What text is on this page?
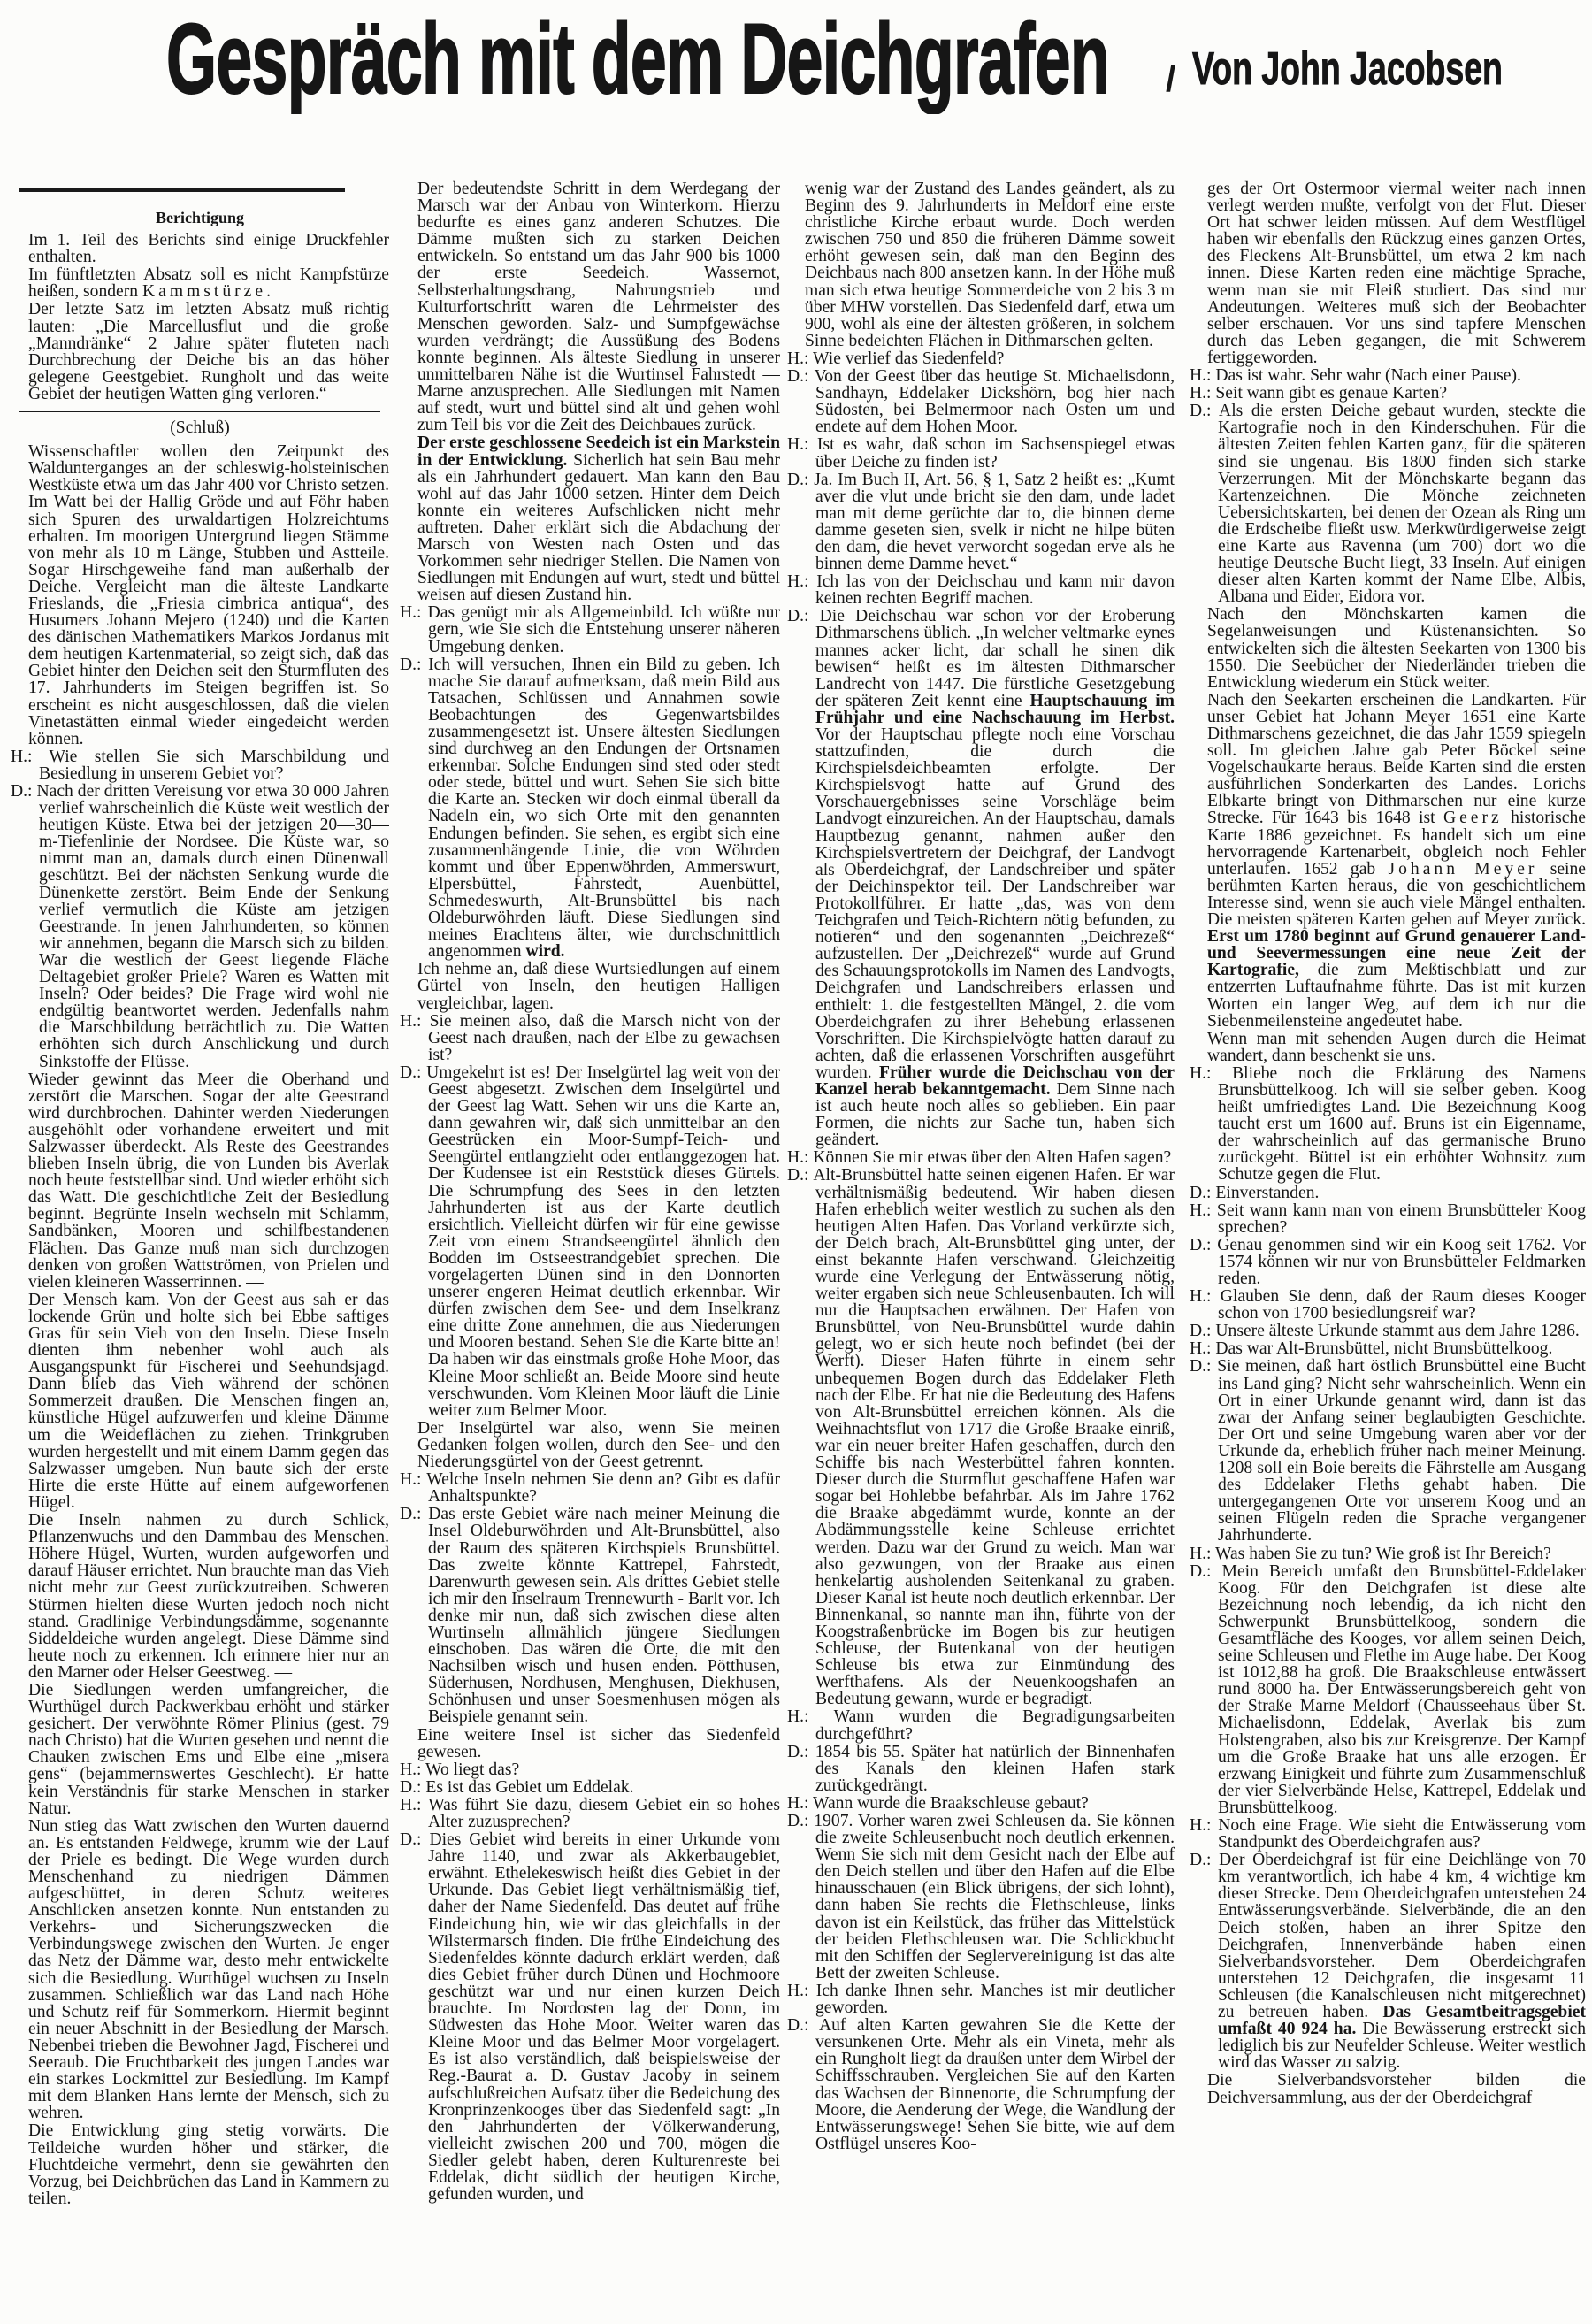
Gespräch mit dem Deichgrafen / Von John Jacobsen
Berichtigung

Im 1. Teil des Berichts sind einige Druckfehler enthalten.

Im fünftletzten Absatz soll es nicht Kampfstürze heißen, sondern Kammstürze.

Der letzte Satz im letzten Absatz muß richtig lauten: „Die Marcellusflut und die große „Manndränke“ 2 Jahre später fluteten nach Durchbrechung der Deiche bis an das höher gelegene Geestgebiet. Rungholt und das weite Gebiet der heutigen Watten ging verloren.“

(Schluß)

Wissenschaftler wollen den Zeitpunkt des Waldunterganges an der schleswig-holsteinischen Westküste etwa um das Jahr 400 vor Christo setzen. Im Watt bei der Hallig Gröde und auf Föhr haben sich Spuren des urwaldartigen Holzreichtums erhalten. Im moorigen Untergrund liegen Stämme von mehr als 10 m Länge, Stubben und Astteile. Sogar Hirschgeweihe fand man außerhalb der Deiche. Vergleicht man die älteste Landkarte Frieslands, die „Friesia cimbrica antiqua“, des Husumers Johann Mejero (1240) und die Karten des dänischen Mathematikers Markos Jordanus mit dem heutigen Kartenmaterial, so zeigt sich, daß das Gebiet hinter den Deichen seit den Sturmfluten des 17. Jahrhunderts im Steigen begriffen ist. So erscheint es nicht ausgeschlossen, daß die vielen Vinetastätten einmal wieder eingedeicht werden können.

H.: Wie stellen Sie sich Marschbildung und Besiedlung in unserem Gebiet vor?

D.: Nach der dritten Vereisung vor etwa 30 000 Jahren verlief wahrscheinlich die Küste weit westlich der heutigen Küste. Etwa bei der jetzigen 20—30—m-Tiefenlinie der Nordsee. Die Küste war, so nimmt man an, damals durch einen Dünenwall geschützt. Bei der nächsten Senkung wurde die Dünenkette zerstört. Beim Ende der Senkung verlief vermutlich die Küste am jetzigen Geestrande. In jenen Jahrhunderten, so können wir annehmen, begann die Marsch sich zu bilden. War die westlich der Geest liegende Fläche Deltagebiet großer Priele? Waren es Watten mit Inseln? Oder beides? Die Frage wird wohl nie endgültig beantwortet werden. Jedenfalls nahm die Marschbildung beträchtlich zu. Die Watten erhöhten sich durch Anschlickung und durch Sinkstoffe der Flüsse.

Wieder gewinnt das Meer die Oberhand und zerstört die Marschen. Sogar der alte Geestrand wird durchbrochen. Dahinter werden Niederungen ausgehöhlt oder vorhandene erweitert und mit Salzwasser überdeckt. Als Reste des Geestrandes blieben Inseln übrig, die von Lunden bis Averlak noch heute feststellbar sind. Und wieder erhöht sich das Watt. Die geschichtliche Zeit der Besiedlung beginnt. Begrünte Inseln wechseln mit Schlamm, Sandbänken, Mooren und schilfbestandenen Flächen. Das Ganze muß man sich durchzogen denken von großen Wattströmen, von Prielen und vielen kleineren Wasserrinnen. —

Der Mensch kam. Von der Geest aus sah er das lockende Grün und holte sich bei Ebbe saftiges Gras für sein Vieh von den Inseln. Diese Inseln dienten ihm nebenher wohl auch als Ausgangspunkt für Fischerei und Seehundsjagd. Dann blieb das Vieh während der schönen Sommerzeit draußen. Die Menschen fingen an, künstliche Hügel aufzuwerfen und kleine Dämme um die Weideflächen zu ziehen. Trinkgruben wurden hergestellt und mit einem Damm gegen das Salzwasser umgeben. Nun baute sich der erste Hirte die erste Hütte auf einem aufgeworfenen Hügel.

Die Inseln nahmen zu durch Schlick, Pflanzenwuchs und den Dammbau des Menschen. Höhere Hügel, Wurten, wurden aufgeworfen und darauf Häuser errichtet. Nun brauchte man das Vieh nicht mehr zur Geest zurückzutreiben. Schweren Stürmen hielten diese Wurten jedoch noch nicht stand. Gradlinige Verbindungsdämme, sogenannte Siddeldeiche wurden angelegt. Diese Dämme sind heute noch zu erkennen. Ich erinnere hier nur an den Marner oder Helser Geestweg. —

Die Siedlungen werden umfangreicher, die Wurthügel durch Packwerkbau erhöht und stärker gesichert. Der verwöhnte Römer Plinius (gest. 79 nach Christo) hat die Wurten gesehen und nennt die Chauken zwischen Ems und Elbe eine „misera gens“ (bejammernswertes Geschlecht). Er hatte kein Verständnis für starke Menschen in starker Natur.

Nun stieg das Watt zwischen den Wurten dauernd an. Es entstanden Feldwege, krumm wie der Lauf der Priele es bedingt. Die Wege wurden durch Menschenhand zu niedrigen Dämmen aufgeschüttet, in deren Schutz weiteres Anschlicken ansetzen konnte. Nun entstanden zu Verkehrs- und Sicherungszwecken die Verbindungswege zwischen den Wurten. Je enger das Netz der Dämme war, desto mehr entwickelte sich die Besiedlung. Wurthügel wuchsen zu Inseln zusammen. Schließlich war das Land nach Höhe und Schutz reif für Sommerkorn. Hiermit beginnt ein neuer Abschnitt in der Besiedlung der Marsch. Nebenbei trieben die Bewohner Jagd, Fischerei und Seeraub. Die Fruchtbarkeit des jungen Landes war ein starkes Lockmittel zur Besiedlung. Im Kampf mit dem Blanken Hans lernte der Mensch, sich zu wehren.

Die Entwicklung ging stetig vorwärts. Die Teildeiche wurden höher und stärker, die Fluchtdeiche vermehrt, denn sie gewährten den Vorzug, bei Deichbrüchen das Land in Kammern zu teilen.

Der bedeutendste Schritt in dem Werdegang der Marsch war der Anbau von Winterkorn. Hierzu bedurfte es eines ganz anderen Schutzes. Die Dämme mußten sich zu starken Deichen entwickeln. So entstand um das Jahr 900 bis 1000 der erste Seedeich. Wassernot, Selbsterhaltungsdrang, Nahrungstrieb und Kulturfortschritt waren die Lehrmeister des Menschen geworden. Salz- und Sumpfgewächse wurden verdrängt; die Aussüßung des Bodens konnte beginnen. Als älteste Siedlung in unserer unmittelbaren Nähe ist die Wurtinsel Fahrstedt — Marne anzusprechen. Alle Siedlungen mit Namen auf stedt, wurt und büttel sind alt und gehen wohl zum Teil bis vor die Zeit des Deichbaues zurück.

Der erste geschlossene Seedeich ist ein Markstein in der Entwicklung. Sicherlich hat sein Bau mehr als ein Jahrhundert gedauert. Man kann den Bau wohl auf das Jahr 1000 setzen. Hinter dem Deich konnte ein weiteres Aufschlicken nicht mehr auftreten. Daher erklärt sich die Abdachung der Marsch von Westen nach Osten und das Vorkommen sehr niedriger Stellen. Die Namen von Siedlungen mit Endungen auf wurt, stedt und büttel weisen auf diesen Zustand hin.

H.: Das genügt mir als Allgemeinbild. Ich wüßte nur gern, wie Sie sich die Entstehung unserer näheren Umgebung denken.

D.: Ich will versuchen, Ihnen ein Bild zu geben. Ich mache Sie darauf aufmerksam, daß mein Bild aus Tatsachen, Schlüssen und Annahmen sowie Beobachtungen des Gegenwartsbildes zusammengesetzt ist. Unsere ältesten Siedlungen sind durchweg an den Endungen der Ortsnamen erkennbar. Solche Endungen sind sted oder stedt oder stede, büttel und wurt. Sehen Sie sich bitte die Karte an. Stecken wir doch einmal überall da Nadeln ein, wo sich Orte mit den genannten Endungen befinden. Sie sehen, es ergibt sich eine zusammenhängende Linie, die von Wöhrden kommt und über Eppenwöhrden, Ammerswurt, Elpersbüttel, Fahrstedt, Auenbüttel, Schmedeswurth, Alt-Brunsbüttel bis nach Oldeburwöhrden läuft. Diese Siedlungen sind meines Erachtens älter, wie durchschnittlich angenommen wird.

Ich nehme an, daß diese Wurtsiedlungen auf einem Gürtel von Inseln, den heutigen Halligen vergleichbar, lagen.

H.: Sie meinen also, daß die Marsch nicht von der Geest nach draußen, nach der Elbe zu gewachsen ist?

D.: Umgekehrt ist es! Der Inselgürtel lag weit von der Geest abgesetzt. Zwischen dem Inselgürtel und der Geest lag Watt. Sehen wir uns die Karte an, dann gewahren wir, daß sich unmittelbar an den Geestrücken ein Moor-Sumpf-Teich- und Seengürtel entlangzieht oder entlanggezogen hat. Der Kudensee ist ein Reststück dieses Gürtels. Die Schrumpfung des Sees in den letzten Jahrhunderten ist aus der Karte deutlich ersichtlich. Vielleicht dürfen wir für eine gewisse Zeit von einem Strandseengürtel ähnlich den Bodden im Ostseestrandgebiet sprechen. Die vorgelagerten Dünen sind in den Donnorten unserer engeren Heimat deutlich erkennbar. Wir dürfen zwischen dem See- und dem Inselkranz eine dritte Zone annehmen, die aus Niederungen und Mooren bestand. Sehen Sie die Karte bitte an! Da haben wir das einstmals große Hohe Moor, das Kleine Moor schließt an. Beide Moore sind heute verschwunden. Vom Kleinen Moor läuft die Linie weiter zum Belmer Moor.

Der Inselgürtel war also, wenn Sie meinen Gedanken folgen wollen, durch den See- und den Niederungsgürtel von der Geest getrennt.

H.: Welche Inseln nehmen Sie denn an? Gibt es dafür Anhaltspunkte?

D.: Das erste Gebiet wäre nach meiner Meinung die Insel Oldeburwöhrden und Alt-Brunsbüttel, also der Raum des späteren Kirchspiels Brunsbüttel. Das zweite könnte Kattrepel, Fahrstedt, Darenwurth gewesen sein. Als drittes Gebiet stelle ich mir den Inselraum Trennewurth - Barlt vor. Ich denke mir nun, daß sich zwischen diese alten Wurtinseln allmählich jüngere Siedlungen einschoben. Das wären die Orte, die mit den Nachsilben wisch und husen enden. Pötthusen, Süderhusen, Nordhusen, Menghusen, Diekhusen, Schönhusen und unser Soesmenhusen mögen als Beispiele genannt sein.

Eine weitere Insel ist sicher das Siedenfeld gewesen.

H.: Wo liegt das?

D.: Es ist das Gebiet um Eddelak.

H.: Was führt Sie dazu, diesem Gebiet ein so hohes Alter zuzusprechen?

D.: Dies Gebiet wird bereits in einer Urkunde vom Jahre 1140, und zwar als Akkerbaugebiet, erwähnt. Ethelekeswisch heißt dies Gebiet in der Urkunde. Das Gebiet liegt verhältnismäßig tief, daher der Name Siedenfeld. Das deutet auf frühe Eindeichung hin, wie wir das gleichfalls in der Wilstermarsch finden. Die frühe Eindeichung des Siedenfeldes könnte dadurch erklärt werden, daß dies Gebiet früher durch Dünen und Hochmoore geschützt war und nur einen kurzen Deich brauchte. Im Nordosten lag der Donn, im Südwesten das Hohe Moor. Weiter waren das Kleine Moor und das Belmer Moor vorgelagert. Es ist also verständlich, daß beispielsweise der Reg.-Baurat a. D. Gustav Jacoby in seinem aufschlußreichen Aufsatz über die Bedeichung des Kronprinzenkooges über das Siedenfeld sagt: „In den Jahrhunderten der Völkerwanderung, vielleicht zwischen 200 und 700, mögen die Siedler gelebt haben, deren Kulturenreste bei Eddelak, dicht südlich der heutigen Kirche, gefunden wurden, und

wenig war der Zustand des Landes geändert, als zu Beginn des 9. Jahrhunderts in Meldorf eine erste christliche Kirche erbaut wurde. Doch werden zwischen 750 und 850 die früheren Dämme soweit erhöht gewesen sein, daß man den Beginn des Deichbaus nach 800 ansetzen kann. In der Höhe muß man sich etwa heutige Sommerdeiche von 2 bis 3 m über MHW vorstellen. Das Siedenfeld darf, etwa um 900, wohl als eine der ältesten größeren, in solchem Sinne bedeichten Flächen in Dithmarschen gelten.

H.: Wie verlief das Siedenfeld?

D.: Von der Geest über das heutige St. Michaelisdonn, Sandhayn, Eddelaker Dickshörn, bog hier nach Südosten, bei Belmermoor nach Osten um und endete auf dem Hohen Moor.

H.: Ist es wahr, daß schon im Sachsenspiegel etwas über Deiche zu finden ist?

D.: Ja. Im Buch II, Art. 56, § 1, Satz 2 heißt es: „Kumt aver die vlut unde bricht sie den dam, unde ladet man mit deme gerüchte dar to, die binnen deme damme geseten sien, svelk ir nicht ne hilpe büten den dam, die hevet verworcht sogedan erve als he binnen deme Damme hevet.“

H.: Ich las von der Deichschau und kann mir davon keinen rechten Begriff machen.

D.: Die Deichschau war schon vor der Eroberung Dithmarschens üblich. „In welcher veltmarke eynes mannes acker licht, dar schall he sinen dik bewisen“ heißt es im ältesten Dithmarscher Landrecht von 1447. Die fürstliche Gesetzgebung der späteren Zeit kennt eine Hauptschauung im Frühjahr und eine Nachschauung im Herbst. Vor der Hauptschau pflegte noch eine Vorschau stattzufinden, die durch die Kirchspielsdeichbeamten erfolgte. Der Kirchspielsvogt hatte auf Grund des Vorschauergebnisses seine Vorschläge beim Landvogt einzureichen. An der Hauptschau, damals Hauptbezug genannt, nahmen außer den Kirchspielsvertretern der Deichgraf, der Landvogt als Oberdeichgraf, der Landschreiber und später der Deichinspektor teil. Der Landschreiber war Protokollführer. Er hatte „das, was von dem Teichgrafen und Teich-Richtern nötig befunden, zu notieren“ und den sogenannten „Deichrezeß“ aufzustellen. Der „Deichrezeß“ wurde auf Grund des Schauungsprotokolls im Namen des Landvogts, Deichgrafen und Landschreibers erlassen und enthielt: 1. die festgestellten Mängel, 2. die vom Oberdeichgrafen zu ihrer Behebung erlassenen Vorschriften. Die Kirchspielvögte hatten darauf zu achten, daß die erlassenen Vorschriften ausgeführt wurden. Früher wurde die Deichschau von der Kanzel herab bekanntgemacht. Dem Sinne nach ist auch heute noch alles so geblieben. Ein paar Formen, die nichts zur Sache tun, haben sich geändert.

H.: Können Sie mir etwas über den Alten Hafen sagen?

D.: Alt-Brunsbüttel hatte seinen eigenen Hafen. Er war verhältnismäßig bedeutend. Wir haben diesen Hafen erheblich weiter westlich zu suchen als den heutigen Alten Hafen. Das Vorland verkürzte sich, der Deich brach, Alt-Brunsbüttel ging unter, der einst bekannte Hafen verschwand. Gleichzeitig wurde eine Verlegung der Entwässerung nötig, weiter ergaben sich neue Schleusenbauten. Ich will nur die Hauptsachen erwähnen. Der Hafen von Brunsbüttel, von Neu-Brunsbüttel wurde dahin gelegt, wo er sich heute noch befindet (bei der Werft). Dieser Hafen führte in einem sehr unbequemen Bogen durch das Eddelaker Fleth nach der Elbe. Er hat nie die Bedeutung des Hafens von Alt-Brunsbüttel erreichen können. Als die Weihnachtsflut von 1717 die Große Braake einriß, war ein neuer breiter Hafen geschaffen, durch den Schiffe bis nach Westerbüttel fahren konnten. Dieser durch die Sturmflut geschaffene Hafen war sogar bei Hohlebbe befahrbar. Als im Jahre 1762 die Braake abgedämmt wurde, konnte an der Abdämmungsstelle keine Schleuse errichtet werden. Dazu war der Grund zu weich. Man war also gezwungen, von der Braake aus einen henkelartig ausholenden Seitenkanal zu graben. Dieser Kanal ist heute noch deutlich erkennbar. Der Binnenkanal, so nannte man ihn, führte von der Koogstraßenbrücke im Bogen bis zur heutigen Schleuse, der Butenkanal von der heutigen Schleuse bis etwa zur Einmündung des Werfthafens. Als der Neuenkoogshafen an Bedeutung gewann, wurde er begradigt.

H.: Wann wurden die Begradigungsarbeiten durchgeführt?

D.: 1854 bis 55. Später hat natürlich der Binnenhafen des Kanals den kleinen Hafen stark zurückgedrängt.

H.: Wann wurde die Braakschleuse gebaut?

D.: 1907. Vorher waren zwei Schleusen da. Sie können die zweite Schleusenbucht noch deutlich erkennen. Wenn Sie sich mit dem Gesicht nach der Elbe auf den Deich stellen und über den Hafen auf die Elbe hinausschauen (ein Blick übrigens, der sich lohnt), dann haben Sie rechts die Flethschleuse, links davon ist ein Keilstück, das früher das Mittelstück der beiden Flethschleusen war. Die Schlickbucht mit den Schiffen der Seglervereinigung ist das alte Bett der zweiten Schleuse.

H.: Ich danke Ihnen sehr. Manches ist mir deutlicher geworden.

D.: Auf alten Karten gewahren Sie die Kette der versunkenen Orte. Mehr als ein Vineta, mehr als ein Rungholt liegt da draußen unter dem Wirbel der Schiffsschrauben. Vergleichen Sie auf den Karten das Wachsen der Binnenorte, die Schrumpfung der Moore, die Aenderung der Wege, die Wandlung der Entwässerungswege! Sehen Sie bitte, wie auf dem Ostflügel unseres Koo-

ges der Ort Ostermoor viermal weiter nach innen verlegt werden mußte, verfolgt von der Flut. Dieser Ort hat schwer leiden müssen. Auf dem Westflügel haben wir ebenfalls den Rückzug eines ganzen Ortes, des Fleckens Alt-Brunsbüttel, um etwa 2 km nach innen. Diese Karten reden eine mächtige Sprache, wenn man sie mit Fleiß studiert. Das sind nur Andeutungen. Weiteres muß sich der Beobachter selber erschauen. Vor uns sind tapfere Menschen durch das Leben gegangen, die mit Schwerem fertiggeworden.

H.: Das ist wahr. Sehr wahr (Nach einer Pause).

H.: Seit wann gibt es genaue Karten?

D.: Als die ersten Deiche gebaut wurden, steckte die Kartografie noch in den Kinderschuhen. Für die ältesten Zeiten fehlen Karten ganz, für die späteren sind sie ungenau. Bis 1800 finden sich starke Verzerrungen. Mit der Mönchskarte begann das Kartenzeichnen. Die Mönche zeichneten Uebersichtskarten, bei denen der Ozean als Ring um die Erdscheibe fließt usw. Merkwürdigerweise zeigt eine Karte aus Ravenna (um 700) dort wo die heutige Deutsche Bucht liegt, 33 Inseln. Auf einigen dieser alten Karten kommt der Name Elbe, Albis, Albana und Eider, Eidora vor.

Nach den Mönchskarten kamen die Segelanweisungen und Küstenansichten. So entwickelten sich die ältesten Seekarten von 1300 bis 1550. Die Seebücher der Niederländer trieben die Entwicklung wiederum ein Stück weiter.

Nach den Seekarten erscheinen die Landkarten. Für unser Gebiet hat Johann Meyer 1651 eine Karte Dithmarschens gezeichnet, die das Jahr 1559 spiegeln soll. Im gleichen Jahre gab Peter Böckel seine Vogelschaukarte heraus. Beide Karten sind die ersten ausführlichen Sonderkarten des Landes. Lorichs Elbkarte bringt von Dithmarschen nur eine kurze Strecke. Für 1643 bis 1648 ist Geerz historische Karte 1886 gezeichnet. Es handelt sich um eine hervorragende Kartenarbeit, obgleich noch Fehler unterlaufen. 1652 gab Johann Meyer seine berühmten Karten heraus, die von geschichtlichem Interesse sind, wenn sie auch viele Mängel enthalten. Die meisten späteren Karten gehen auf Meyer zurück. Erst um 1780 beginnt auf Grund genauerer Land- und Seevermessungen eine neue Zeit der Kartografie, die zum Meßtischblatt und zur entzerrten Luftaufnahme führte. Das ist mit kurzen Worten ein langer Weg, auf dem ich nur die Siebenmeilensteine angedeutet habe.

Wenn man mit sehenden Augen durch die Heimat wandert, dann beschenkt sie uns.

H.: Bliebe noch die Erklärung des Namens Brunsbüttelkoog. Ich will sie selber geben. Koog heißt umfriedigtes Land. Die Bezeichnung Koog taucht erst um 1600 auf. Bruns ist ein Eigenname, der wahrscheinlich auf das germanische Bruno zurückgeht. Büttel ist ein erhöhter Wohnsitz zum Schutze gegen die Flut.

D.: Einverstanden.

H.: Seit wann kann man von einem Brunsbütteler Koog sprechen?

D.: Genau genommen sind wir ein Koog seit 1762. Vor 1574 können wir nur von Brunsbütteler Feldmarken reden.

H.: Glauben Sie denn, daß der Raum dieses Kooger schon von 1700 besiedlungsreif war?

D.: Unsere älteste Urkunde stammt aus dem Jahre 1286.

H.: Das war Alt-Brunsbüttel, nicht Brunsbüttelkoog.

D.: Sie meinen, daß hart östlich Brunsbüttel eine Bucht ins Land ging? Nicht sehr wahrscheinlich. Wenn ein Ort in einer Urkunde genannt wird, dann ist das zwar der Anfang seiner beglaubigten Geschichte. Der Ort und seine Umgebung waren aber vor der Urkunde da, erheblich früher nach meiner Meinung. 1208 soll ein Boie bereits die Fährstelle am Ausgang des Eddelaker Fleths gehabt haben. Die untergegangenen Orte vor unserem Koog und an seinen Flügeln reden die Sprache vergangener Jahrhunderte.

H.: Was haben Sie zu tun? Wie groß ist Ihr Bereich?

D.: Mein Bereich umfaßt den Brunsbüttel-Eddelaker Koog. Für den Deichgrafen ist diese alte Bezeichnung noch lebendig, da ich nicht den Schwerpunkt Brunsbüttelkoog, sondern die Gesamtfläche des Kooges, vor allem seinen Deich, seine Schleusen und Flethe im Auge habe. Der Koog ist 1012,88 ha groß. Die Braakschleuse entwässert rund 8000 ha. Der Entwässerungsbereich geht von der Straße Marne Meldorf (Chausseehaus über St. Michaelisdonn, Eddelak, Averlak bis zum Holstengraben, also bis zur Kreisgrenze. Der Kampf um die Große Braake hat uns alle erzogen. Er erzwang Einigkeit und führte zum Zusammenschluß der vier Sielverbände Helse, Kattrepel, Eddelak und Brunsbüttelkoog.

H.: Noch eine Frage. Wie sieht die Entwässerung vom Standpunkt des Oberdeichgrafen aus?

D.: Der Oberdeichgraf ist für eine Deichlänge von 70 km verantwortlich, ich habe 4 km, 4 wichtige km dieser Strecke. Dem Oberdeichgrafen unterstehen 24 Entwässerungsverbände. Sielverbände, die an den Deich stoßen, haben an ihrer Spitze den Deichgrafen, Innenverbände haben einen Sielverbandsvorsteher. Dem Oberdeichgrafen unterstehen 12 Deichgrafen, die insgesamt 11 Schleusen (die Kanalschleusen nicht mitgerechnet) zu betreuen haben. Das Gesamtbeitragsgebiet umfaßt 40 924 ha. Die Bewässerung erstreckt sich lediglich bis zur Neufelder Schleuse. Weiter westlich wird das Wasser zu salzig.

Die Sielverbandsvorsteher bilden die Deichversammlung, aus der der Oberdeichgraf
